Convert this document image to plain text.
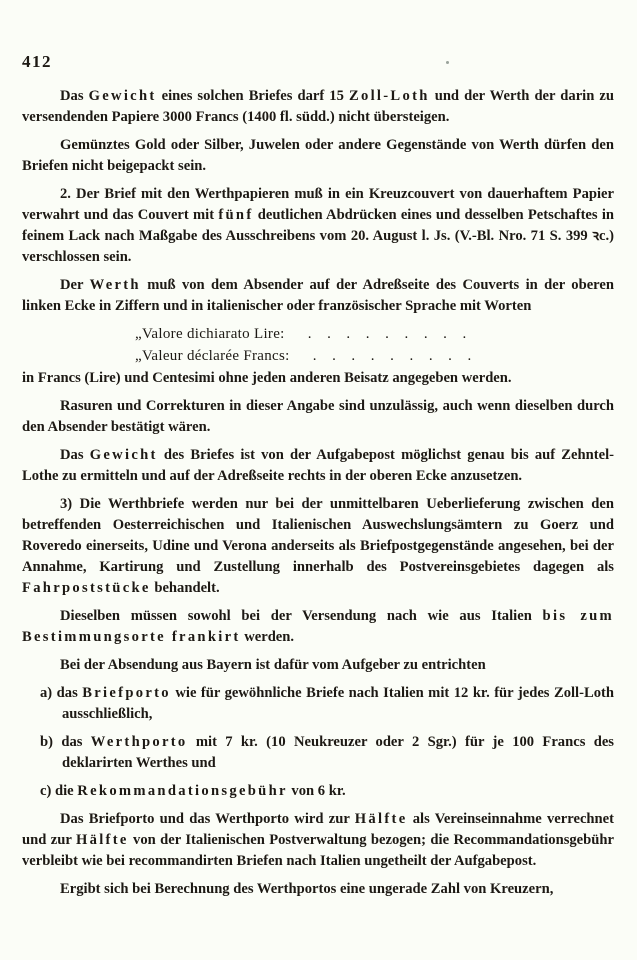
412

Das Gewicht eines solchen Briefes darf 15 Zoll-Loth und der Werth der darin zu versendenden Papiere 3000 Francs (1400 fl. südd.) nicht übersteigen.

Gemünztes Gold oder Silber, Juwelen oder andere Gegenstände von Werth dürfen den Briefen nicht beigepackt sein.

2. Der Brief mit den Werthpapieren muß in ein Kreuzcouvert von dauerhaftem Papier verwahrt und das Couvert mit fünf deutlichen Abdrücken eines und desselben Petschaftes in feinem Lack nach Maßgabe des Ausschreibens vom 20. August l. Js. (V.-Bl. Nro. 71 S. 399 ꝛc.) verschlossen sein.

Der Werth muß von dem Absender auf der Adreßseite des Couverts in der oberen linken Ecke in Ziffern und in italienischer oder französischer Sprache mit Worten

„Valore dichiarato Lire:  . . . . . . . . .

„Valeur déclarée Francs:  . . . . . . . . .

in Francs (Lire) und Centesimi ohne jeden anderen Beisatz angegeben werden.

Rasuren und Correkturen in dieser Angabe sind unzulässig, auch wenn dieselben durch den Absender bestätigt wären.

Das Gewicht des Briefes ist von der Aufgabepost möglichst genau bis auf Zehntel-Lothe zu ermitteln und auf der Adreßseite rechts in der oberen Ecke anzusetzen.

3) Die Werthbriefe werden nur bei der unmittelbaren Ueberlieferung zwischen den betreffenden Oesterreichischen und Italienischen Auswechslungsämtern zu Goerz und Roveredo einerseits, Udine und Verona anderseits als Briefpostgegenstände angesehen, bei der Annahme, Kartirung und Zustellung innerhalb des Postvereinsgebietes dagegen als Fahrpoststücke behandelt.

Dieselben müssen sowohl bei der Versendung nach wie aus Italien bis zum Bestimmungsorte frankirt werden.

Bei der Absendung aus Bayern ist dafür vom Aufgeber zu entrichten

a) das Briefporto wie für gewöhnliche Briefe nach Italien mit 12 kr. für jedes Zoll-Loth ausschließlich,

b) das Werthporto mit 7 kr. (10 Neukreuzer oder 2 Sgr.) für je 100 Francs des deklarirten Werthes und

c) die Rekommandationsgebühr von 6 kr.

Das Briefporto und das Werthporto wird zur Hälfte als Vereinseinnahme verrechnet und zur Hälfte von der Italienischen Postverwaltung bezogen; die Recommandationsgebühr verbleibt wie bei recommandirten Briefen nach Italien ungetheilt der Aufgabepost.

Ergibt sich bei Berechnung des Werthportos eine ungerade Zahl von Kreuzern,
